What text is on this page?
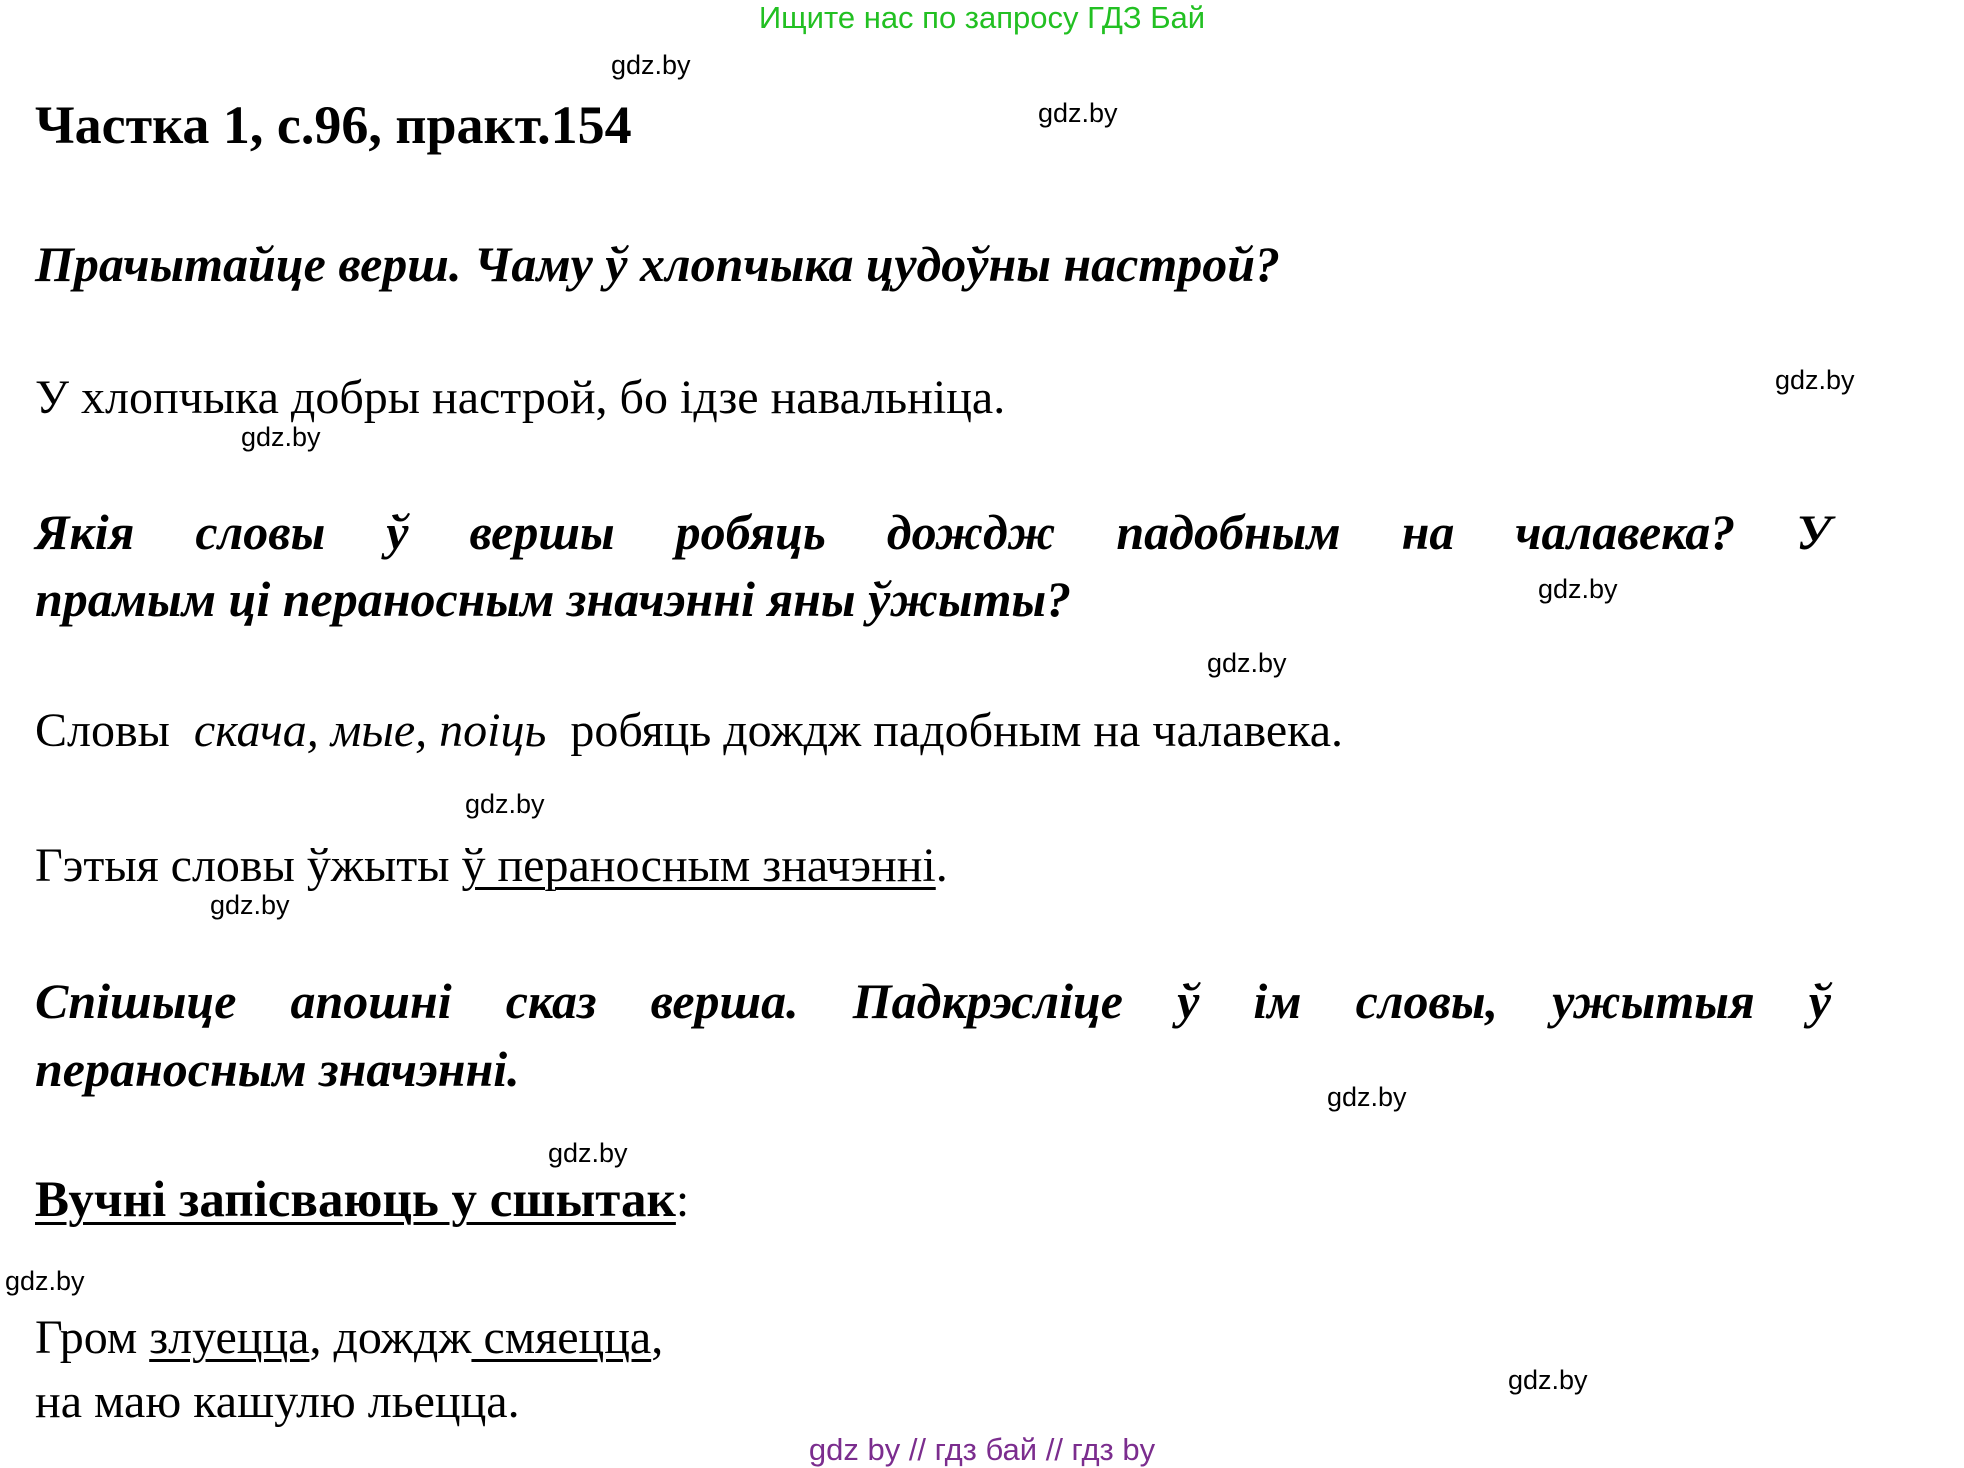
Ищите нас по запросу ГДЗ Бай
gdz.by
gdz.by
gdz.by
gdz.by
gdz.by
gdz.by
gdz.by
gdz.by
gdz.by
gdz.by
gdz.by
gdz.by
Частка 1, с.96, практ.154
Прачытайце верш. Чаму ў хлопчыка цудоўны настрой?
У хлопчыка добры настрой, бо ідзе навальніца.
Якія словы ў вершы робяць дождж падобным на чалавека? У
прамым ці пераносным значэнні яны ўжыты?
Словы скача, мые, поіць робяць дождж падобным на чалавека.
Гэтыя словы ўжыты ў пераносным значэнні.
Спішыце апошні сказ верша. Падкрэсліце ў ім словы, ужытыя ў
пераносным значэнні.
Вучні запісваюць у сшытак:
Гром злуецца, дождж смяецца,
на маю кашулю льецца.
gdz by // гдз бай // гдз by
